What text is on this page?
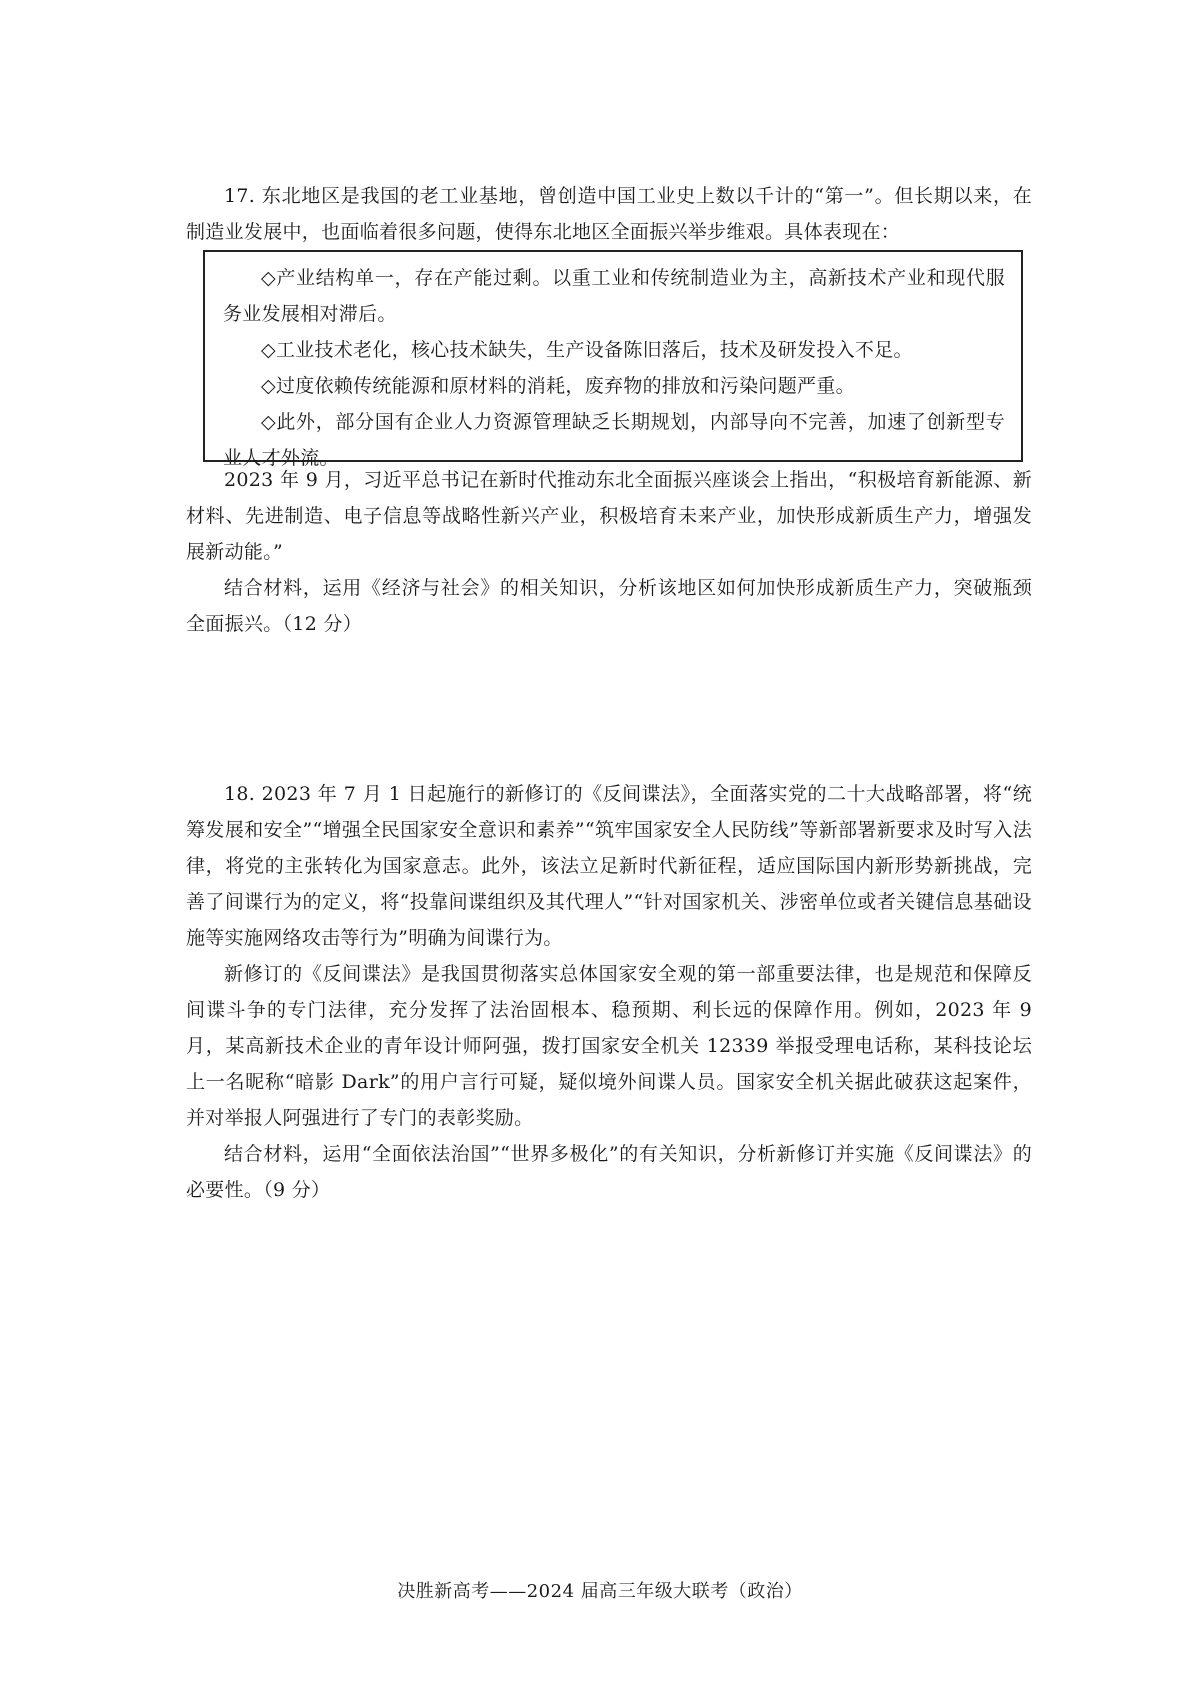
17. 东北地区是我国的老工业基地，曾创造中国工业史上数以千计的“第一”。但长期以来，在制造业发展中，也面临着很多问题，使得东北地区全面振兴举步维艰。具体表现在：

◇产业结构单一，存在产能过剩。以重工业和传统制造业为主，高新技术产业和现代服务业发展相对滞后。

◇工业技术老化，核心技术缺失，生产设备陈旧落后，技术及研发投入不足。

◇过度依赖传统能源和原材料的消耗，废弃物的排放和污染问题严重。

◇此外，部分国有企业人力资源管理缺乏长期规划，内部导向不完善，加速了创新型专业人才外流。

2023 年 9 月，习近平总书记在新时代推动东北全面振兴座谈会上指出，“积极培育新能源、新材料、先进制造、电子信息等战略性新兴产业，积极培育未来产业，加快形成新质生产力，增强发展新动能。”

结合材料，运用《经济与社会》的相关知识，分析该地区如何加快形成新质生产力，突破瓶颈全面振兴。（12 分）

18. 2023 年 7 月 1 日起施行的新修订的《反间谍法》，全面落实党的二十大战略部署，将“统筹发展和安全”“增强全民国家安全意识和素养”“筑牢国家安全人民防线”等新部署新要求及时写入法律，将党的主张转化为国家意志。此外，该法立足新时代新征程，适应国际国内新形势新挑战，完善了间谍行为的定义，将“投靠间谍组织及其代理人”“针对国家机关、涉密单位或者关键信息基础设施等实施网络攻击等行为”明确为间谍行为。

新修订的《反间谍法》是我国贯彻落实总体国家安全观的第一部重要法律，也是规范和保障反间谍斗争的专门法律，充分发挥了法治固根本、稳预期、利长远的保障作用。例如，2023 年 9 月，某高新技术企业的青年设计师阿强，拨打国家安全机关 12339 举报受理电话称，某科技论坛上一名昵称“暗影 Dark”的用户言行可疑，疑似境外间谍人员。国家安全机关据此破获这起案件，并对举报人阿强进行了专门的表彰奖励。

结合材料，运用“全面依法治国”“世界多极化”的有关知识，分析新修订并实施《反间谍法》的必要性。（9 分）

决胜新高考——2024 届高三年级大联考（政治）
